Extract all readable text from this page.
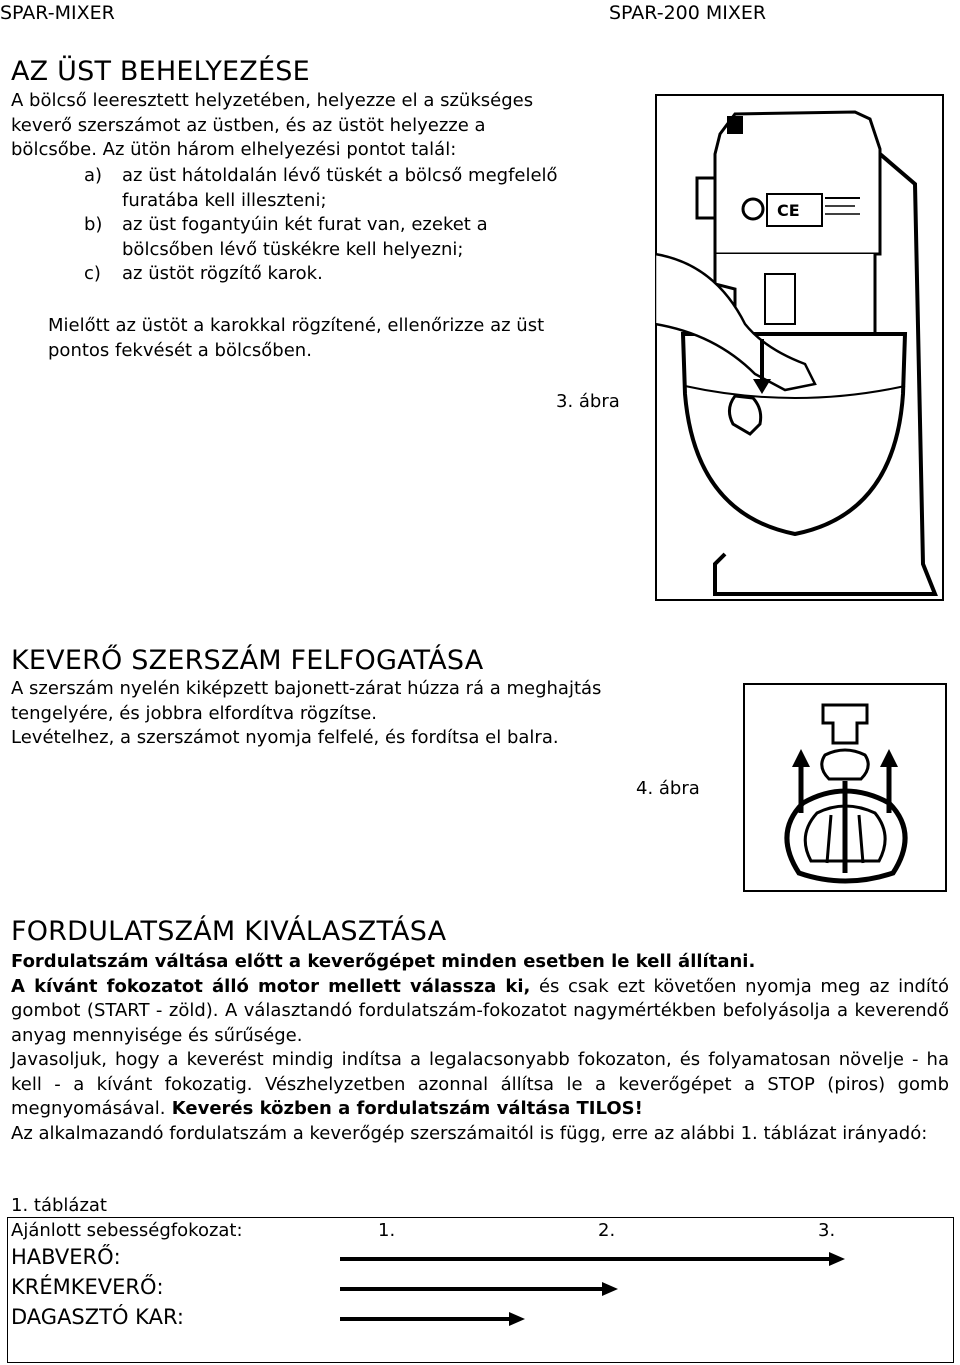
SPAR-MIXER	SPAR-200 MIXER
AZ ÜST BEHELYEZÉSE
A bölcső leeresztett helyzetében, helyezze el a szükséges
keverő szerszámot az üstben, és az üstöt helyezze a
bölcsőbe. Az ütön három elhelyezési pontot talál:
a) az üst hátoldalán lévő tüskét a bölcső megfelelő
furatába kell illeszteni;
b) az üst fogantyúin két furat van, ezeket a
bölcsőben lévő tüskékre kell helyezni;
c) az üstöt rögzítő karok.
Mielőtt az üstöt a karokkal rögzítené, ellenőrizze az üst
pontos fekvését a bölcsőben.
3. ábra
CE
KEVERŐ SZERSZÁM FELFOGATÁSA
A szerszám nyelén kiképzett bajonett-zárat húzza rá a meghajtás
tengelyére, és jobbra elfordítva rögzítse.
Levételhez, a szerszámot nyomja felfelé, és fordítsa el balra.
4. ábra
FORDULATSZÁM KIVÁLASZTÁSA
Fordulatszám váltása előtt a keverőgépet minden esetben le kell állítani.
A kívánt fokozatot álló motor mellett válassza ki, és csak ezt követően nyomja meg az indító gombot (START - zöld). A választandó fordulatszám-fokozatot nagymértékben befolyásolja a keverendő anyag mennyisége és sűrűsége.
Javasoljuk, hogy a keverést mindig indítsa a legalacsonyabb fokozaton, és folyamatosan növelje - ha kell - a kívánt fokozatig. Vészhelyzetben azonnal állítsa le a keverőgépet a STOP (piros) gomb megnyomásával. Keverés közben a fordulatszám váltása TILOS!
Az alkalmazandó fordulatszám a keverőgép szerszámaitól is függ, erre az alábbi 1. táblázat irányadó:
1. táblázat
Ajánlott sebességfokozat:	1.	2.	3.
HABVERŐ:
KRÉMKEVERŐ:
DAGASZTÓ KAR:
